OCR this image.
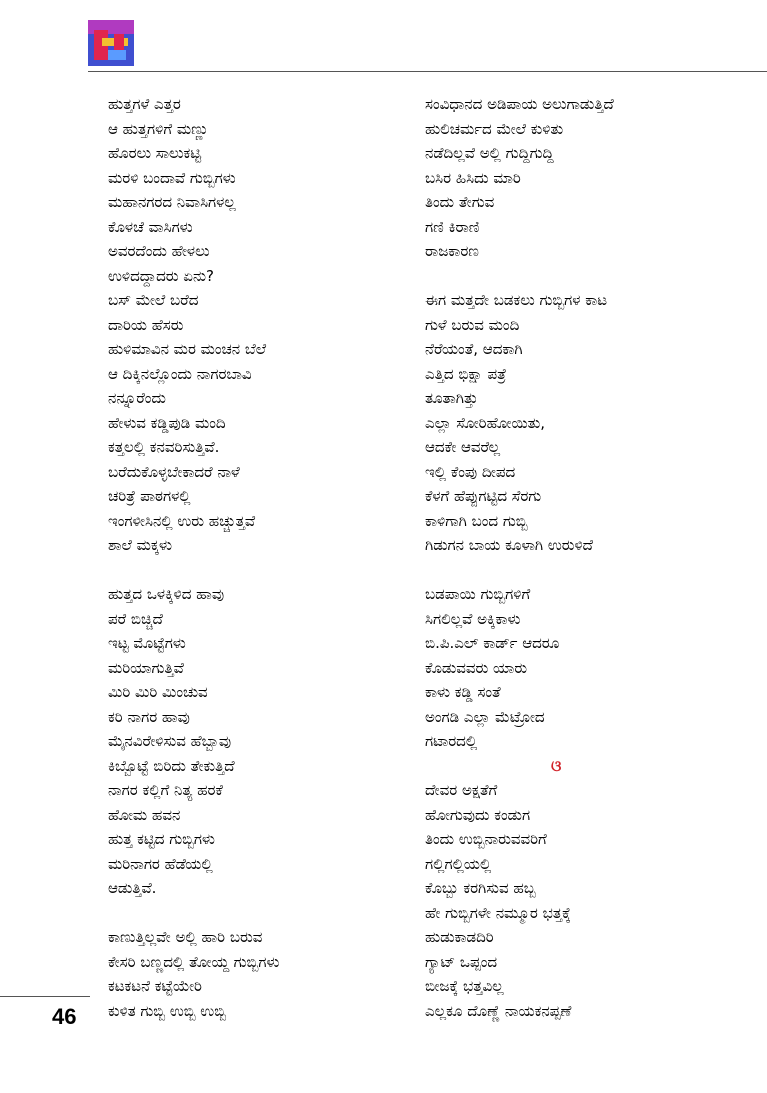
ಹುತ್ತಗಳೆ ಎತ್ತರ
ಆ ಹುತ್ತಗಳಿಗೆ ಮಣ್ಣು
ಹೊರಲು ಸಾಲುಕಟ್ಟಿ
ಮರಳಿ ಬಂದಾವೆ ಗುಬ್ಬಿಗಳು
ಮಹಾನಗರದ ನಿವಾಸಿಗಳಲ್ಲ
ಕೊಳಚೆ ವಾಸಿಗಳು
ಅವರದೆಂದು ಹೇಳಲು
ಉಳಿದದ್ದಾದರು ಏನು?
ಬಸ್ ಮೇಲೆ ಬರೆದ
ದಾರಿಯ ಹೆಸರು
ಹುಳಿಮಾವಿನ ಮರ ಮಂಚನ ಬೆಲೆ
ಆ ದಿಕ್ಕಿನಲ್ಲೊಂದು ನಾಗರಬಾವಿ
ನನ್ನೂರೆಂದು
ಹೇಳುವ ಕಡ್ಡಿಪುಡಿ ಮಂದಿ
ಕತ್ತಲಲ್ಲಿ ಕನವರಿಸುತ್ತಿವೆ.
ಬರೆದುಕೊಳ್ಳಬೇಕಾದರೆ ನಾಳೆ
ಚರಿತ್ರೆ ಪಾಠಗಳಲ್ಲಿ
ಇಂಗಳೀಸಿನಲ್ಲಿ ಉರು ಹಚ್ಚುತ್ತವೆ
ಶಾಲೆ ಮಕ್ಕಳು
ಹುತ್ತದ ಒಳಕ್ಕಿಳಿದ ಹಾವು
ಪರೆ ಬಿಚ್ಚಿದೆ
ಇಟ್ಟ ಮೊಟ್ಟೆಗಳು
ಮರಿಯಾಗುತ್ತಿವೆ
ಮಿರಿ ಮಿರಿ ಮಿಂಚುವ
ಕರಿ ನಾಗರ ಹಾವು
ಮೈನವಿರೇಳಿಸುವ ಹೆಬ್ಬಾವು
ಕಿಬ್ಬೊಟ್ಟೆ ಬಿರಿದು ತೇಕುತ್ತಿದೆ
ನಾಗರ ಕಲ್ಲಿಗೆ ನಿತ್ಯ ಹರಕೆ
ಹೋಮ ಹವನ
ಹುತ್ತ ಕಟ್ಟಿದ ಗುಬ್ಬಿಗಳು
ಮರಿನಾಗರ ಹೆಡೆಯಲ್ಲಿ
ಆಡುತ್ತಿವೆ.
ಕಾಣುತ್ತಿಲ್ಲವೇ ಅಲ್ಲಿ ಹಾರಿ ಬರುವ
ಕೇಸರಿ ಬಣ್ಣದಲ್ಲಿ ತೋಯ್ದ ಗುಬ್ಬಿಗಳು
ಕಟಕಟನೆ ಕಟ್ಟೆಯೇರಿ
ಕುಳಿತ ಗುಬ್ಬಿ ಉಬ್ಬಿ ಉಬ್ಬಿ
ಸಂವಿಧಾನದ ಅಡಿಪಾಯ ಅಲುಗಾಡುತ್ತಿದೆ
ಹುಲಿಚರ್ಮದ ಮೇಲೆ ಕುಳಿತು
ನಡೆದಿಲ್ಲವೆ ಅಲ್ಲಿ ಗುದ್ದಿಗುದ್ದಿ
ಬಸಿರ ಹಿಸಿದು ಮಾರಿ
ತಿಂದು ತೇಗುವ
ಗಣಿ ಕಿರಾಣಿ
ರಾಜಕಾರಣ
ಈಗ ಮತ್ತದೇ ಬಡಕಲು ಗುಬ್ಬಿಗಳ ಕಾಟ
ಗುಳೆ ಬರುವ ಮಂದಿ
ನೆರೆಯಂತೆ, ಆದಕಾಗಿ
ಎತ್ತಿದ ಭಿಕ್ಷಾ ಪತ್ರೆ
ತೂತಾಗಿತ್ತು
ಎಲ್ಲಾ ಸೋರಿಹೋಯಿತು,
ಆದಕೇ ಆವರೆಲ್ಲ
ಇಲ್ಲಿ ಕೆಂಪು ದೀಪದ
ಕೆಳಗೆ ಹೆಪ್ಪುಗಟ್ಟಿದ ಸೆರಗು
ಕಾಳಿಗಾಗಿ ಬಂದ ಗುಬ್ಬಿ
ಗಿಡುಗನ ಬಾಯ ಕೂಳಾಗಿ ಉರುಳಿದೆ
ಬಡಪಾಯಿ ಗುಬ್ಬಿಗಳಿಗೆ
ಸಿಗಲಿಲ್ಲವೆ ಅಕ್ಕಿಕಾಳು
ಬಿ.ಪಿ.ಎಲ್ ಕಾರ್ಡ್ ಆದರೂ
ಕೊಡುವವರು ಯಾರು
ಕಾಳು ಕಡ್ಡಿ ಸಂತೆ
ಅಂಗಡಿ ಎಲ್ಲಾ ಮೆಟ್ರೋದ
ಗಟಾರದಲ್ಲಿ
ଓ
ದೇವರ ಅಕ್ಷತೆಗೆ
ಹೋಗುವುದು ಕಂಡುಗ
ತಿಂದು ಉಬ್ಬಿನಾರುವವರಿಗೆ
ಗಲ್ಲಿಗಲ್ಲಿಯಲ್ಲಿ
ಕೊಬ್ಬು ಕರಗಿಸುವ ಹಬ್ಬ
ಹೇ ಗುಬ್ಬಿಗಳೇ ನಮ್ಮೂರ ಭತ್ತಕ್ಕೆ
ಹುಡುಕಾಡದಿರಿ
ಗ್ಯಾಟ್ ಒಪ್ಪಂದ
ಬೀಜಕ್ಕೆ ಭತ್ತವಿಲ್ಲ
ಎಲ್ಲಕೂ ದೊಣ್ಣೆ ನಾಯಕನಪ್ಪಣೆ
46
